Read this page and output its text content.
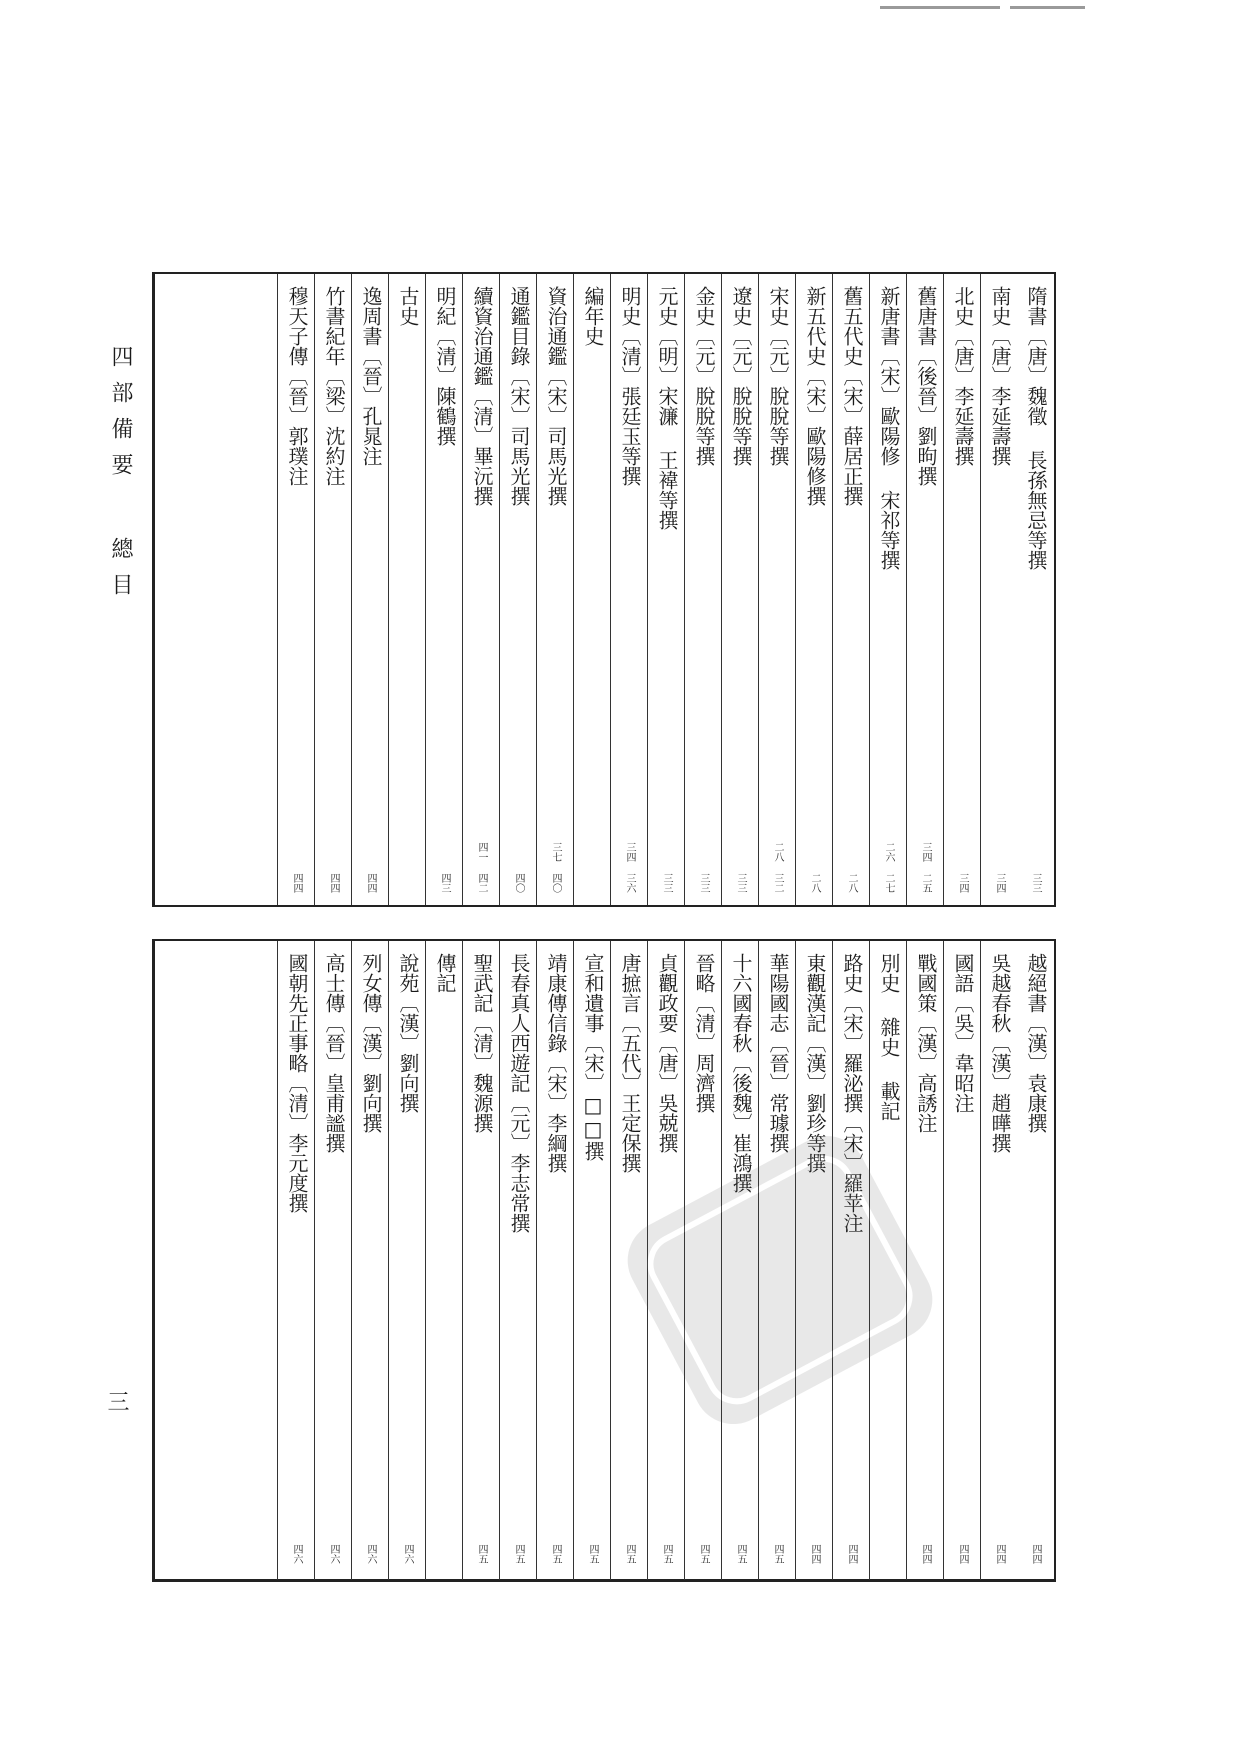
四部備要總目
三
隋書〔唐〕魏徵 長孫無忌等撰
三三
南史〔唐〕李延壽撰
三四
北史〔唐〕李延壽撰
三四
舊唐書〔後晉〕劉昫撰
三四 二五
新唐書〔宋〕歐陽修 宋祁等撰
二六 二七
舊五代史〔宋〕薛居正撰
二八
新五代史〔宋〕歐陽修撰
二八
宋史〔元〕脫脫等撰
二八 三二
遼史〔元〕脫脫等撰
三三
金史〔元〕脫脫等撰
三三
元史〔明〕宋濂 王褘等撰
三三
明史〔清〕張廷玉等撰
三四 三六
編年史
資治通鑑〔宋〕司馬光撰
三七 四〇
通鑑目錄〔宋〕司馬光撰
四〇
續資治通鑑〔清〕畢沅撰
四一 四二
明紀〔清〕陳鶴撰
四三
古史
逸周書〔晉〕孔晁注
四四
竹書紀年〔梁〕沈約注
四四
穆天子傳〔晉〕郭璞注
四四
越絕書〔漢〕袁康撰
四四
吳越春秋〔漢〕趙曄撰
四四
國語〔吳〕韋昭注
四四
戰國策〔漢〕高誘注
四四
別史 雜史 載記
路史〔宋〕羅泌撰〔宋〕羅苹注
四四
東觀漢記〔漢〕劉珍等撰
四四
華陽國志〔晉〕常璩撰
四五
十六國春秋〔後魏〕崔鴻撰
四五
晉略〔清〕周濟撰
四五
貞觀政要〔唐〕吳兢撰
四五
唐摭言〔五代〕王定保撰
四五
宣和遺事〔宋〕□□撰
四五
靖康傳信錄〔宋〕李綱撰
四五
長春真人西遊記〔元〕李志常撰
四五
聖武記〔清〕魏源撰
四五
傳記
說苑〔漢〕劉向撰
四六
列女傳〔漢〕劉向撰
四六
高士傳〔晉〕皇甫謐撰
四六
國朝先正事略〔清〕李元度撰
四六
